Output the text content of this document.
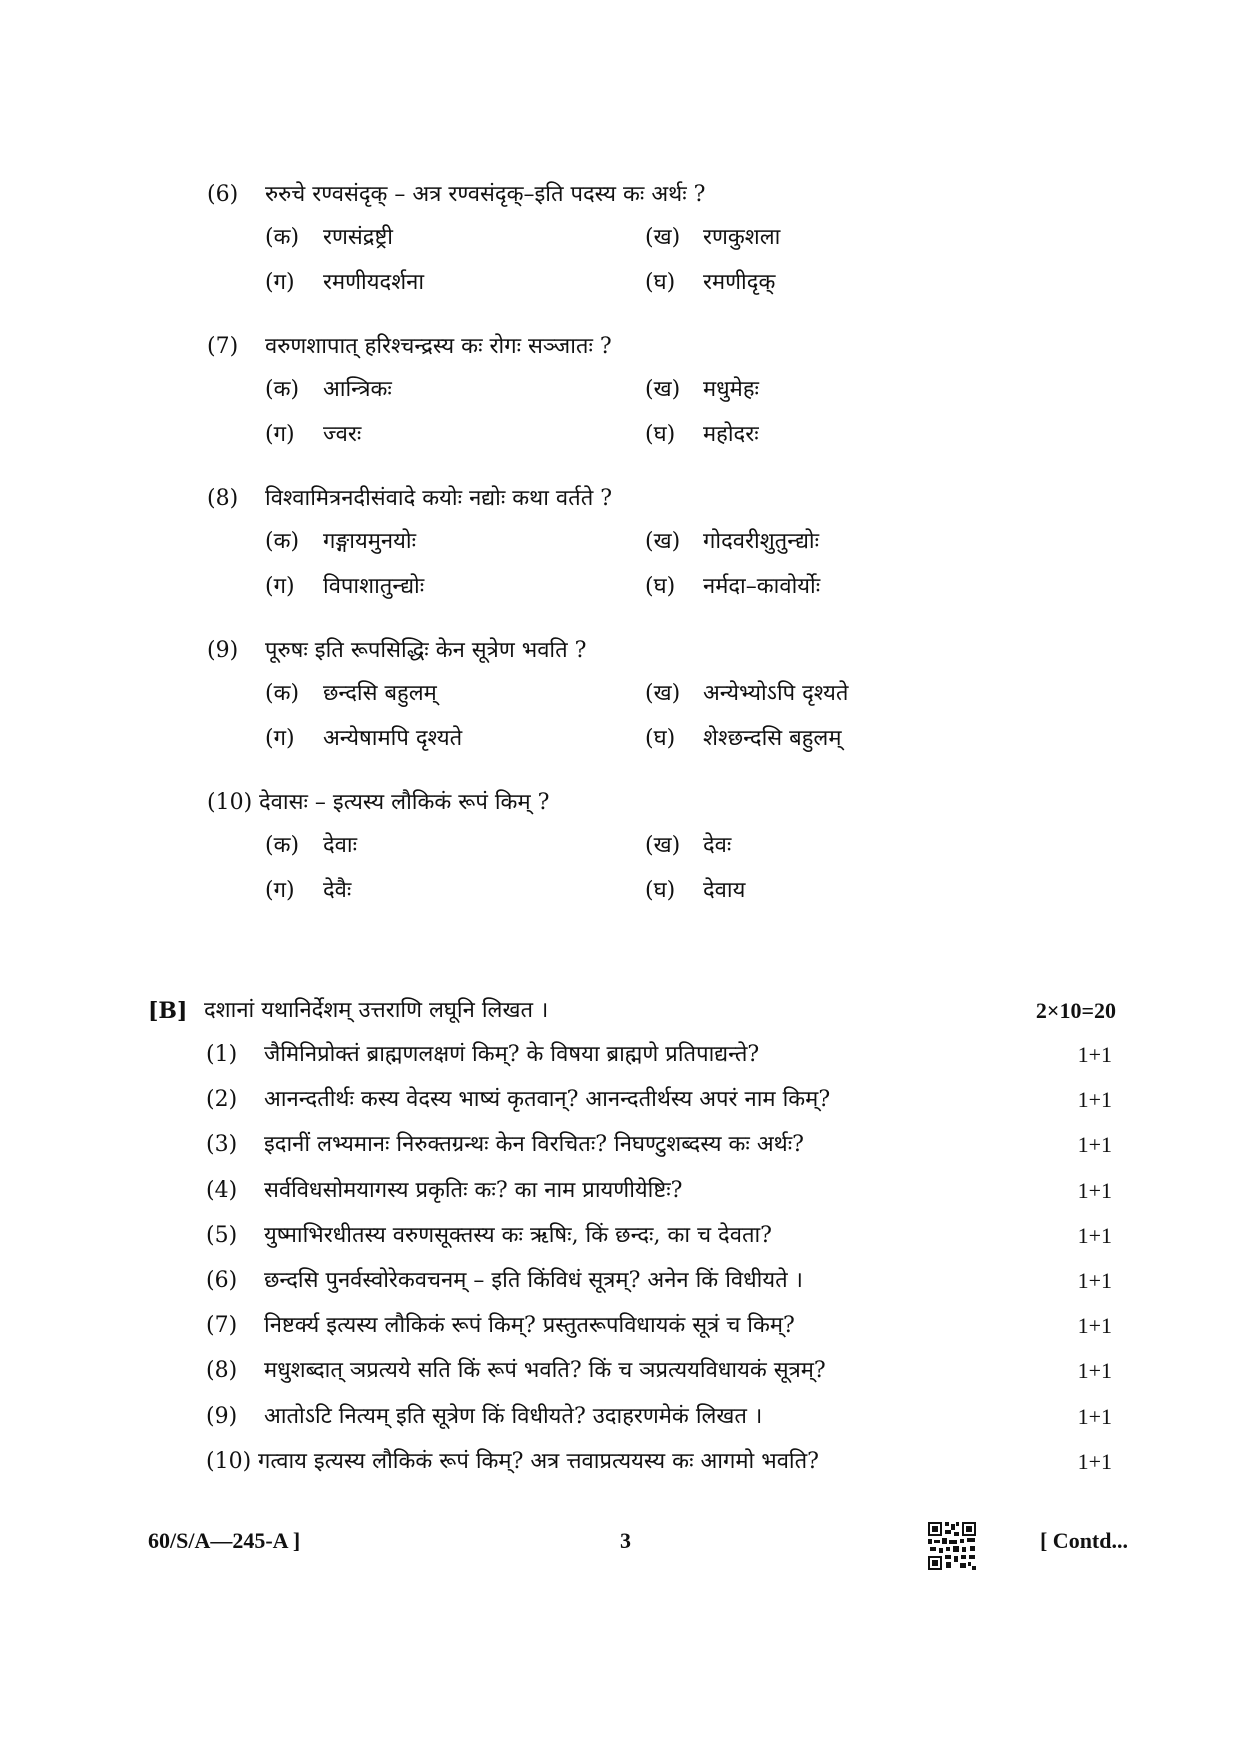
(6) रुरुचे रण्वसंदृक् – अत्र रण्वसंदृक्–इति पदस्य कः अर्थः ?
(क) रणसंद्रष्ट्री	(ख) रणकुशला
(ग) रमणीयदर्शना	(घ) रमणीदृक्
(7) वरुणशापात् हरिश्चन्द्रस्य कः रोगः सञ्जातः ?
(क) आन्त्रिकः	(ख) मधुमेहः
(ग) ज्वरः	(घ) महोदरः
(8) विश्वामित्रनदीसंवादे कयोः नद्योः कथा वर्तते ?
(क) गङ्गायमुनयोः	(ख) गोदवरीशुतुन्द्योः
(ग) विपाशातुन्द्योः	(घ) नर्मदा–कावोर्योः
(9) पूरुषः इति रूपसिद्धिः केन सूत्रेण भवति ?
(क) छन्दसि बहुलम्	(ख) अन्येभ्योऽपि दृश्यते
(ग) अन्येषामपि दृश्यते	(घ) शेश्छन्दसि बहुलम्
(10) देवासः – इत्यस्य लौकिकं रूपं किम् ?
(क) देवाः	(ख) देवः
(ग) देवैः	(घ) देवाय
[B] दशानां यथानिर्देशम् उत्तराणि लघूनि लिखत ।	2×10=20
(1) जैमिनिप्रोक्तं ब्राह्मणलक्षणं किम्? के विषया ब्राह्मणे प्रतिपाद्यन्ते?	1+1
(2) आनन्दतीर्थः कस्य वेदस्य भाष्यं कृतवान्? आनन्दतीर्थस्य अपरं नाम किम्?	1+1
(3) इदानीं लभ्यमानः निरुक्तग्रन्थः केन विरचितः? निघण्टुशब्दस्य कः अर्थः?	1+1
(4) सर्वविधसोमयागस्य प्रकृतिः कः? का नाम प्रायणीयेष्टिः?	1+1
(5) युष्माभिरधीतस्य वरुणसूक्तस्य कः ऋषिः, किं छन्दः, का च देवता?	1+1
(6) छन्दसि पुनर्वस्वोरेकवचनम् – इति किंविधं सूत्रम्? अनेन किं विधीयते ।	1+1
(7) निष्टर्क्य इत्यस्य लौकिकं रूपं किम्? प्रस्तुतरूपविधायकं सूत्रं च किम्?	1+1
(8) मधुशब्दात् ञप्रत्यये सति किं रूपं भवति? किं च ञप्रत्ययविधायकं सूत्रम्?	1+1
(9) आतोऽटि नित्यम् इति सूत्रेण किं विधीयते? उदाहरणमेकं लिखत ।	1+1
(10) गत्वाय इत्यस्य लौकिकं रूपं किम्? अत्र त्तवाप्रत्ययस्य कः आगमो भवति?	1+1
60/S/A—245-A ]	3	[ Contd...
